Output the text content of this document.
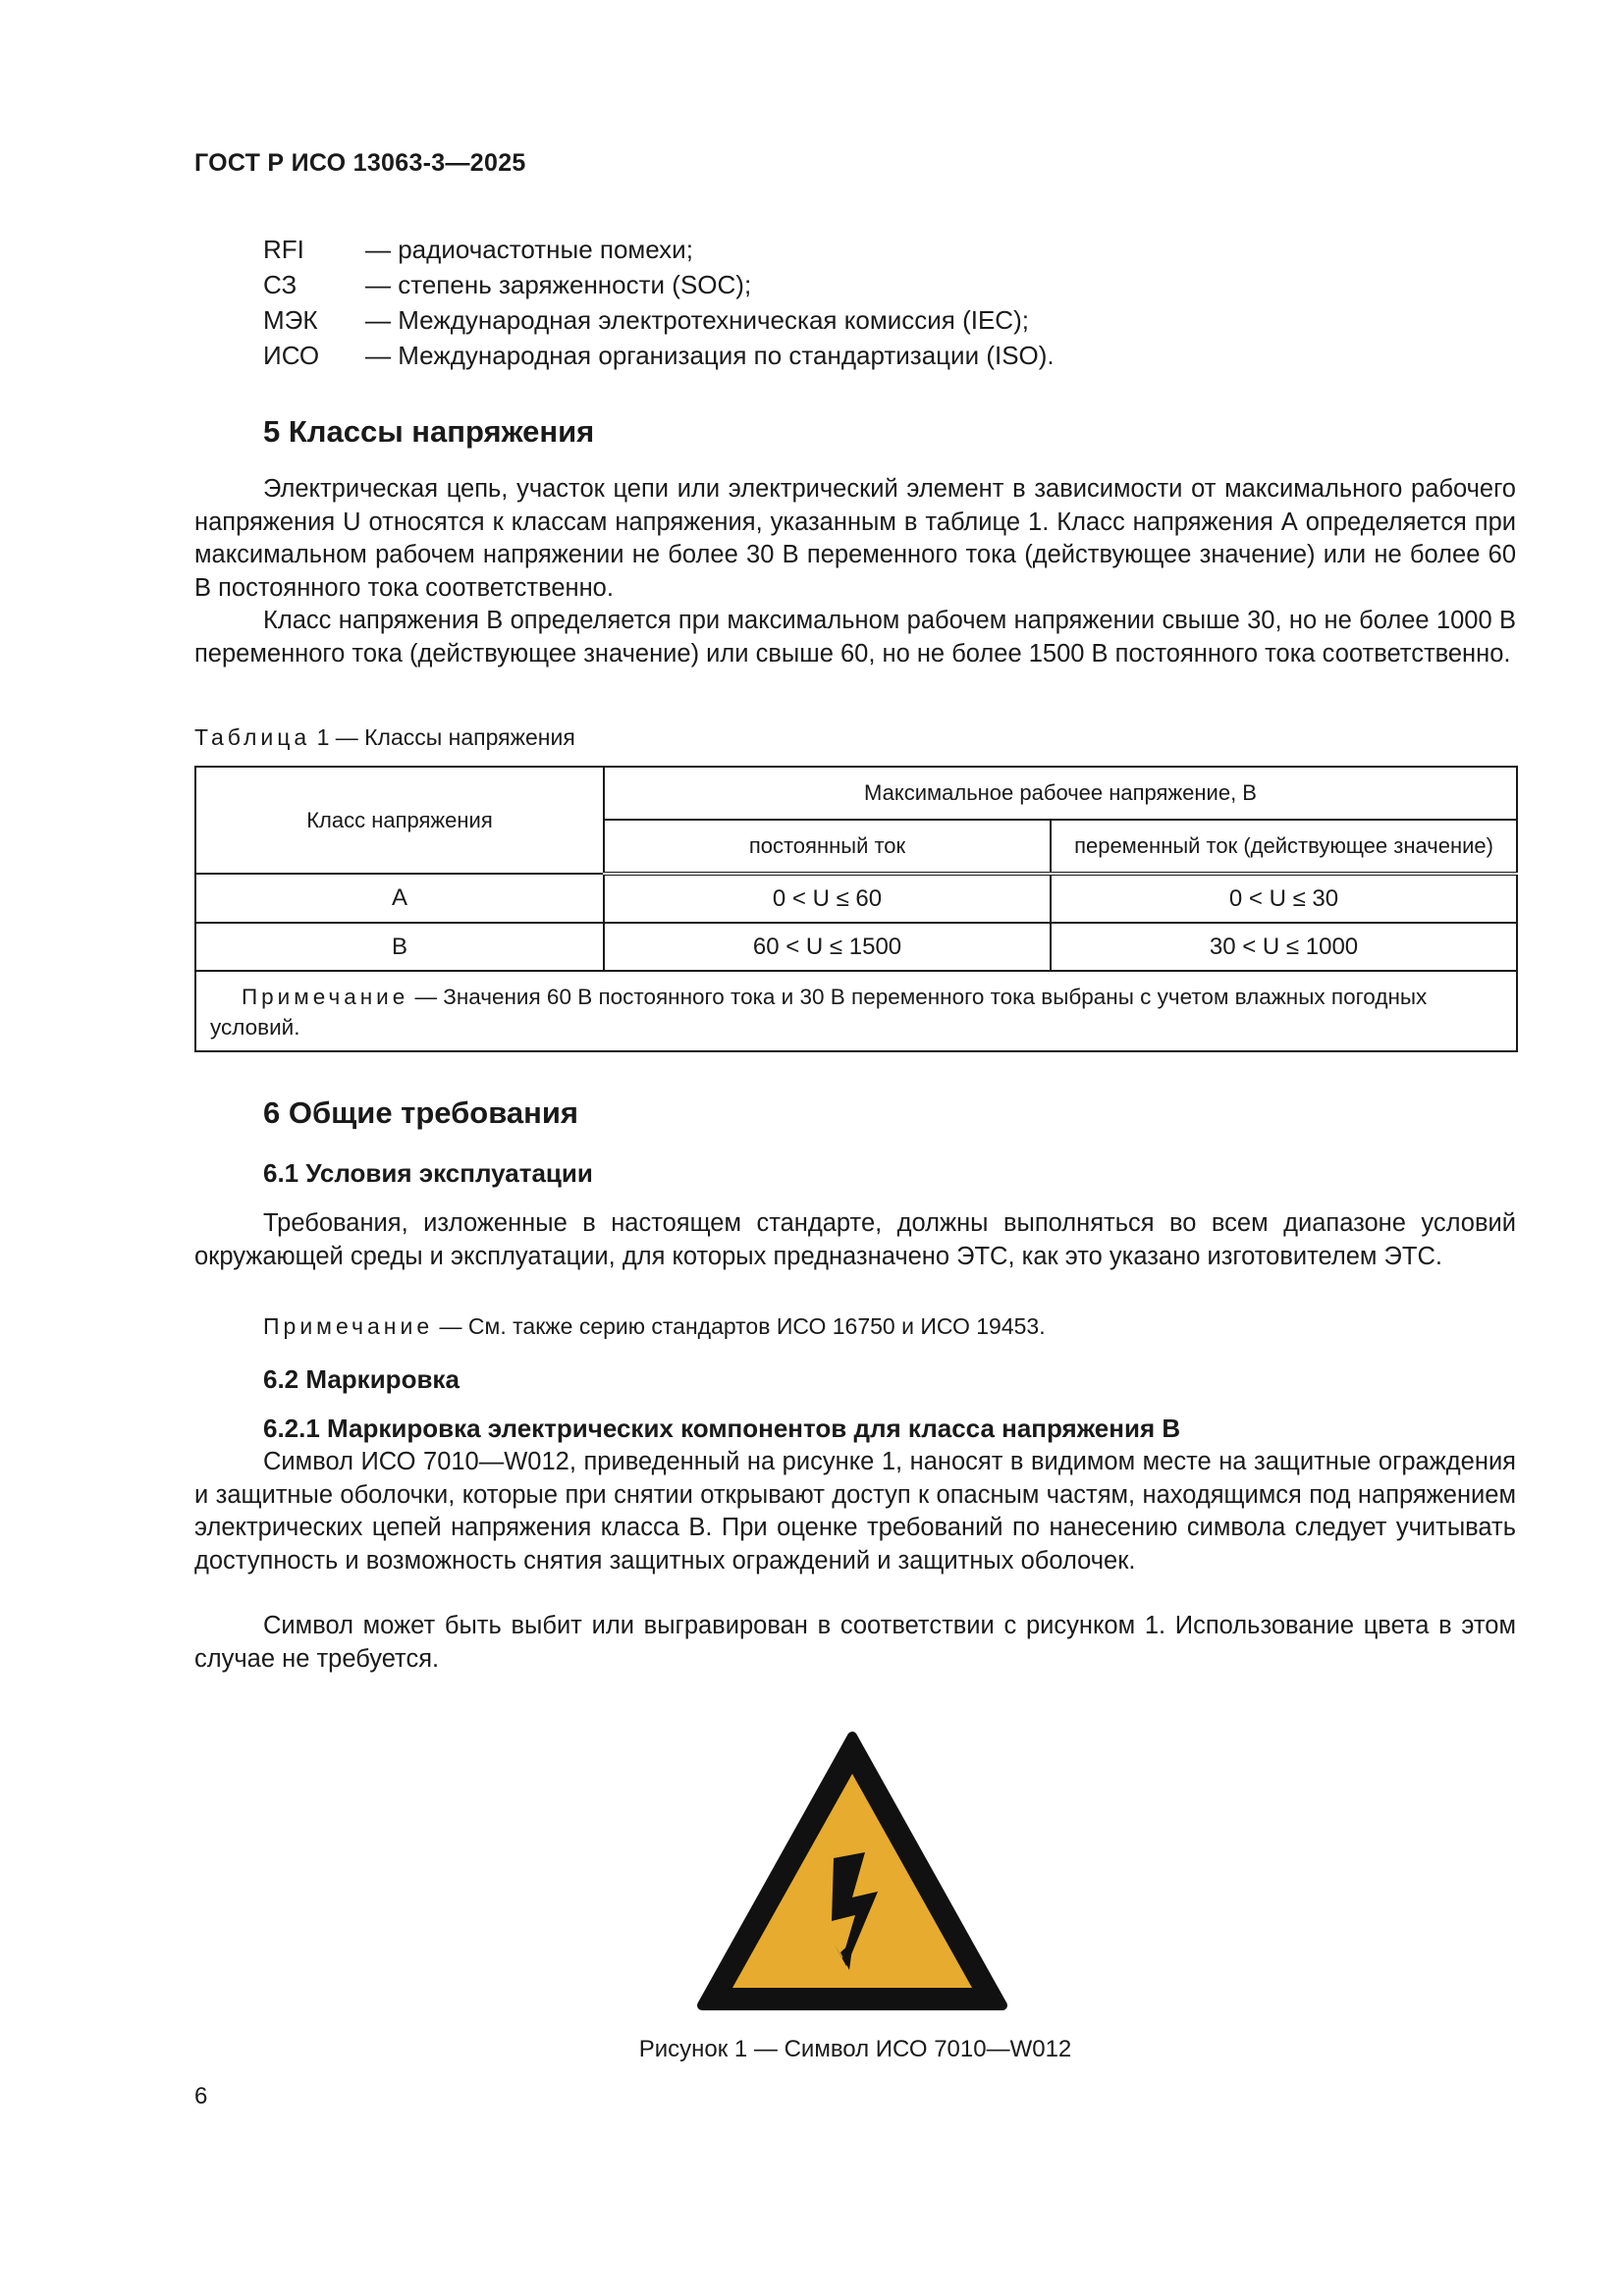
ГОСТ Р ИСО 13063-3—2025
RFI	— радиочастотные помехи;
СЗ	— степень заряженности (SOC);
МЭК	— Международная электротехническая комиссия (IEC);
ИСО	— Международная организация по стандартизации (ISO).
5 Классы напряжения

Электрическая цепь, участок цепи или электрический элемент в зависимости от максимального рабочего напряжения U относятся к классам напряжения, указанным в таблице 1. Класс напряжения А определяется при максимальном рабочем напряжении не более 30 В переменного тока (действующее значение) или не более 60 В постоянного тока соответственно.

Класс напряжения В определяется при максимальном рабочем напряжении свыше 30, но не более 1000 В переменного тока (действующее значение) или свыше 60, но не более 1500 В постоянного тока соответственно.

Таблица 1 — Классы напряжения
Класс напряжения	Максимальное рабочее напряжение, В	
	постоянный ток	переменный ток (действующее значение)
А	0 < U ≤ 60	0 < U ≤ 30
В	60 < U ≤ 1500	30 < U ≤ 1000

Примечание — Значения 60 В постоянного тока и 30 В переменного тока выбраны с учетом влажных погодных условий.		
6 Общие требования
6.1 Условия эксплуатации

Требования, изложенные в настоящем стандарте, должны выполняться во всем диапазоне условий окружающей среды и эксплуатации, для которых предназначено ЭТС, как это указано изготовителем ЭТС.

Примечание — См. также серию стандартов ИСО 16750 и ИСО 19453.
6.2 Маркировка
6.2.1 Маркировка электрических компонентов для класса напряжения В

Символ ИСО 7010—W012, приведенный на рисунке 1, наносят в видимом месте на защитные ограждения и защитные оболочки, которые при снятии открывают доступ к опасным частям, находящимся под напряжением электрических цепей напряжения класса В. При оценке требований по нанесению символа следует учитывать доступность и возможность снятия защитных ограждений и защитных оболочек.

Символ может быть выбит или выгравирован в соответствии с рисунком 1. Использование цвета в этом случае не требуется.

Рисунок 1 — Символ ИСО 7010—W012
6
